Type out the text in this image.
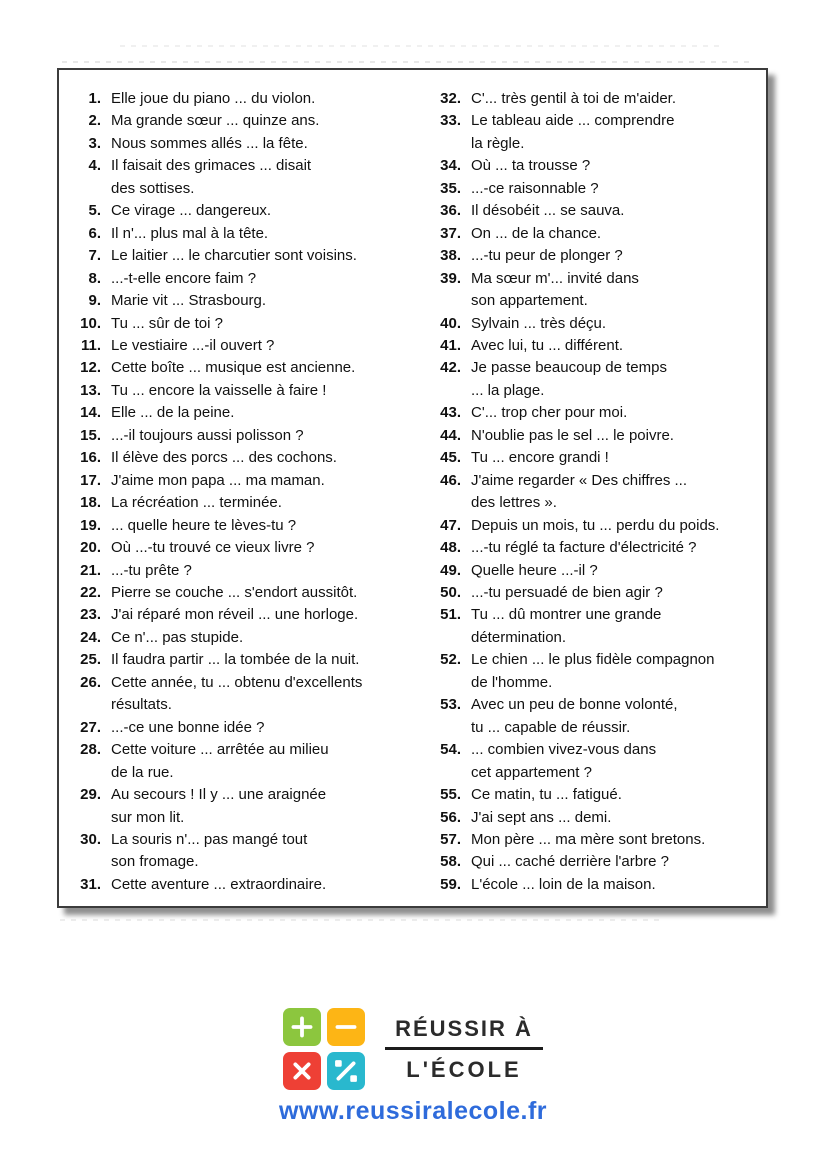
1. Elle joue du piano ... du violon.
2. Ma grande sœur ... quinze ans.
3. Nous sommes allés ... la fête.
4. Il faisait des grimaces ... disait
des sottises.
5. Ce virage ... dangereux.
6. Il n'... plus mal à la tête.
7. Le laitier ... le charcutier sont voisins.
8. ...-t-elle encore faim ?
9. Marie vit ... Strasbourg.
10. Tu ... sûr de toi ?
11. Le vestiaire ...-il ouvert ?
12. Cette boîte ... musique est ancienne.
13. Tu ... encore la vaisselle à faire !
14. Elle ... de la peine.
15. ...-il toujours aussi polisson ?
16. Il élève des porcs ... des cochons.
17. J'aime mon papa ... ma maman.
18. La récréation ... terminée.
19. ... quelle heure te lèves-tu ?
20. Où ...-tu trouvé ce vieux livre ?
21. ...-tu prête ?
22. Pierre se couche ... s'endort aussitôt.
23. J'ai réparé mon réveil ... une horloge.
24. Ce n'... pas stupide.
25. Il faudra partir ... la tombée de la nuit.
26. Cette année, tu ... obtenu d'excellents
résultats.
27. ...-ce une bonne idée ?
28. Cette voiture ... arrêtée au milieu
de la rue.
29. Au secours ! Il y ... une araignée
sur mon lit.
30. La souris n'... pas mangé tout
son fromage.
31. Cette aventure ... extraordinaire.
32. C'... très gentil à toi de m'aider.
33. Le tableau aide ... comprendre
la règle.
34. Où ... ta trousse ?
35. ...-ce raisonnable ?
36. Il désobéit ... se sauva.
37. On ... de la chance.
38. ...-tu peur de plonger ?
39. Ma sœur m'... invité dans
son appartement.
40. Sylvain ... très déçu.
41. Avec lui, tu ... différent.
42. Je passe beaucoup de temps
... la plage.
43. C'... trop cher pour moi.
44. N'oublie pas le sel ... le poivre.
45. Tu ... encore grandi !
46. J'aime regarder « Des chiffres ...
des lettres ».
47. Depuis un mois, tu ... perdu du poids.
48. ...-tu réglé ta facture d'électricité ?
49. Quelle heure ...-il ?
50. ...-tu persuadé de bien agir ?
51. Tu ... dû montrer une grande
détermination.
52. Le chien ... le plus fidèle compagnon
de l'homme.
53. Avec un peu de bonne volonté,
tu ... capable de réussir.
54. ... combien vivez-vous dans
cet appartement ?
55. Ce matin, tu ... fatigué.
56. J'ai sept ans ... demi.
57. Mon père ... ma mère sont bretons.
58. Qui ... caché derrière l'arbre ?
59. L'école ... loin de la maison.
RÉUSSIR À
L'ÉCOLE
www.reussiralecole.fr
